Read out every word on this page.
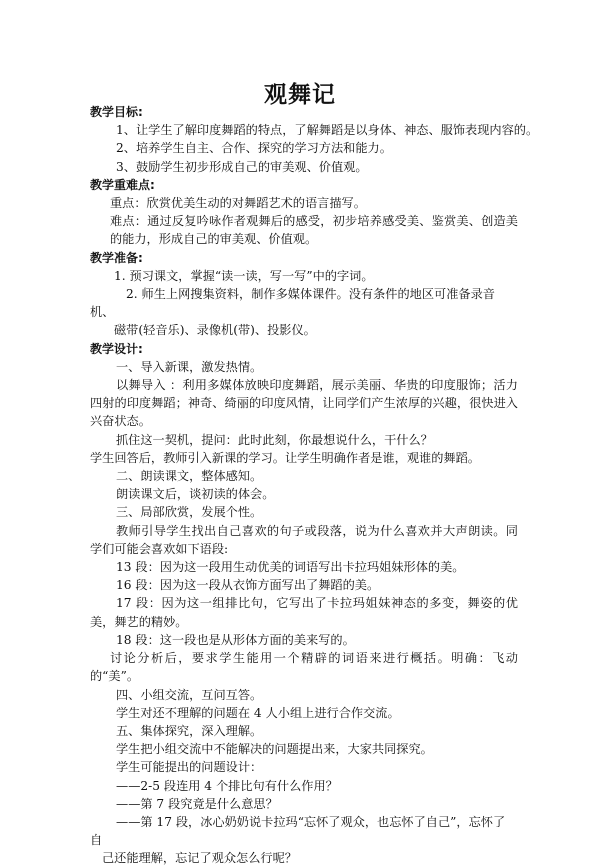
观舞记
教学目标:
1、让学生了解印度舞蹈的特点，了解舞蹈是以身体、神态、服饰表现内容的。
2、培养学生自主、合作、探究的学习方法和能力。
3、鼓励学生初步形成自己的审美观、价值观。
教学重难点:
重点：欣赏优美生动的对舞蹈艺术的语言描写。
难点：通过反复吟咏作者观舞后的感受，初步培养感受美、鉴赏美、创造美的能力，形成自己的审美观、价值观。
教学准备:
1. 预习课文，掌握“读一读，写一写”中的字词。
2. 师生上网搜集资料，制作多媒体课件。没有条件的地区可准备录音
机、
磁带(轻音乐)、录像机(带)、投影仪。
教学设计:
一、导入新课，激发热情。
以舞导入 ：利用多媒体放映印度舞蹈，展示美丽、华贵的印度服饰；活力四射的印度舞蹈；神奇、绮丽的印度风情，让同学们产生浓厚的兴趣，很快进入兴奋状态。
抓住这一契机，提问：此时此刻，你最想说什么，干什么？
学生回答后，教师引入新课的学习。让学生明确作者是谁，观谁的舞蹈。
二、朗读课文，整体感知。
朗读课文后，谈初读的体会。
三、局部欣赏，发展个性。
教师引导学生找出自己喜欢的句子或段落，说为什么喜欢并大声朗读。同学们可能会喜欢如下语段:
13 段：因为这一段用生动优美的词语写出卡拉玛姐妹形体的美。
16 段：因为这一段从衣饰方面写出了舞蹈的美。
17 段：因为这一组排比句，它写出了卡拉玛姐妹神态的多变，舞姿的优美，舞艺的精妙。
18 段：这一段也是从形体方面的美来写的。
讨论分析后，要求学生能用一个精辟的词语来进行概括。明确：飞动的“美”。
四、小组交流，互问互答。
学生对还不理解的问题在 4 人小组上进行合作交流。
五、集体探究，深入理解。
学生把小组交流中不能解决的问题提出来，大家共同探究。
学生可能提出的问题设计：
——2-5 段连用 4 个排比句有什么作用？
——第 7 段究竟是什么意思？
——第 17 段，冰心奶奶说卡拉玛“忘怀了观众，也忘怀了自己”，忘怀了
自
己还能理解，忘记了观众怎么行呢？
